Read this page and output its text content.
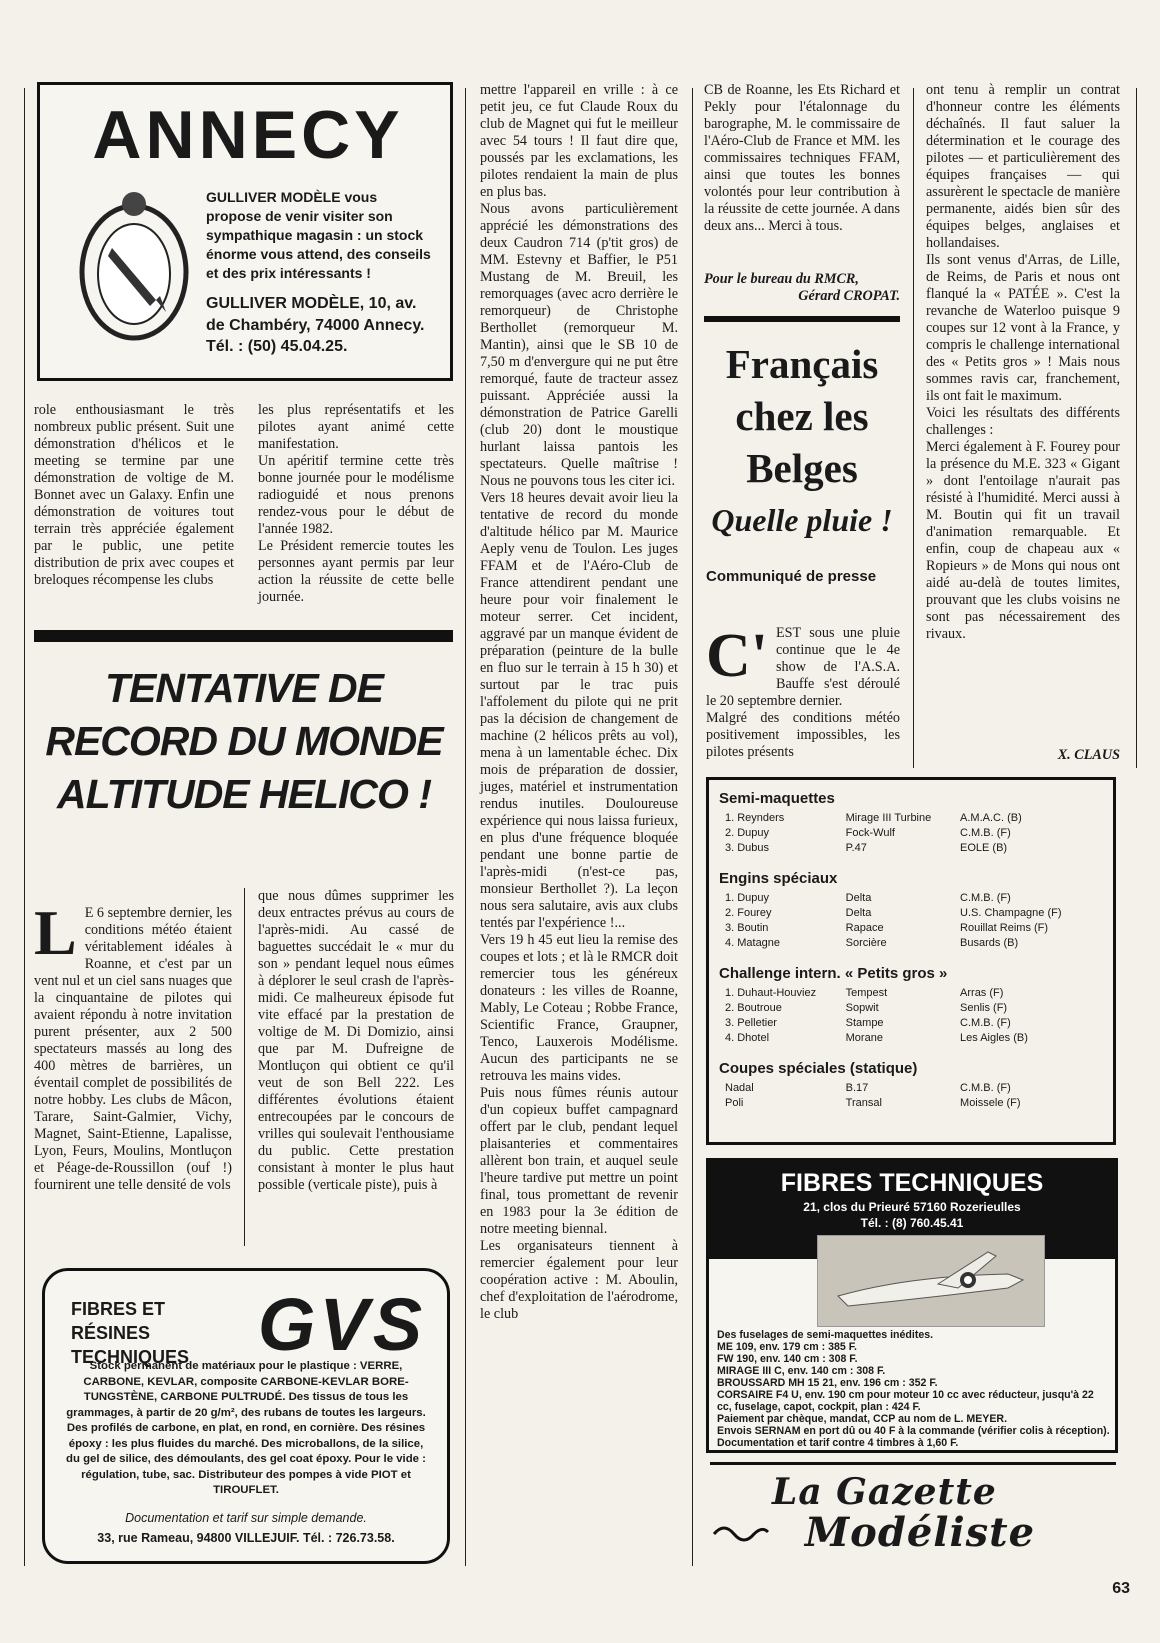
ANNECY
GULLIVER MODÈLE vous propose de venir visiter son sympathique magasin : un stock énorme vous attend, des conseils et des prix intéressants !
GULLIVER MODÈLE, 10, av. de Chambéry, 74000 Annecy.
Tél. : (50) 45.04.25.
role enthousiasmant le très nombreux public présent. Suit une démonstration d'hélicos et le meeting se termine par une démonstration de voltige de M. Bonnet avec un Galaxy. Enfin une démonstration de voitures tout terrain très appréciée également par le public, une petite distribution de prix avec coupes et breloques récompense les clubs
les plus représentatifs et les pilotes ayant animé cette manifestation.
Un apéritif termine cette très bonne journée pour le modélisme radioguidé et nous prenons rendez-vous pour le début de l'année 1982.
Le Président remercie toutes les personnes ayant permis par leur action la réussite de cette belle journée.
TENTATIVE DE RECORD DU MONDE ALTITUDE HELICO !

L E 6 septembre dernier, les conditions météo étaient véritablement idéales à Roanne, et c'est par un vent nul et un ciel sans nuages que la cinquantaine de pilotes qui avaient répondu à notre invitation purent présenter, aux 2 500 spectateurs massés au long des 400 mètres de barrières, un éventail complet de possibilités de notre hobby. Les clubs de Mâcon, Tarare, Saint-Galmier, Vichy, Magnet, Saint-Etienne, Lapalisse, Lyon, Feurs, Moulins, Montluçon et Péage-de-Roussillon (ouf !) fournirent une telle densité de vols

que nous dûmes supprimer les deux entractes prévus au cours de l'après-midi. Au cassé de baguettes succédait le « mur du son » pendant lequel nous eûmes à déplorer le seul crash de l'après-midi. Ce malheureux épisode fut vite effacé par la prestation de voltige de M. Di Domizio, ainsi que par M. Dufreigne de Montluçon qui obtient ce qu'il veut de son Bell 222. Les différentes évolutions étaient entrecoupées par le concours de vrilles qui soulevait l'enthousiame du public. Cette prestation consistant à monter le plus haut possible (verticale piste), puis à
FIBRES ET RÉSINES TECHNIQUES GVS
Stock permanent de matériaux pour le plastique : VERRE, CARBONE, KEVLAR, composite CARBONE-KEVLAR BORE-TUNGSTÈNE, CARBONE PULTRUDÉ. Des tissus de tous les grammages, à partir de 20 g/m², des rubans de toutes les largeurs. Des profilés de carbone, en plat, en rond, en cornière. Des résines époxy : les plus fluides du marché. Des microballons, de la silice, du gel de silice, des démoulants, des gel coat époxy. Pour le vide : régulation, tube, sac. Distributeur des pompes à vide PIOT et TIROUFLET.
Documentation et tarif sur simple demande.
33, rue Rameau, 94800 VILLEJUIF. Tél. : 726.73.58.
mettre l'appareil en vrille : à ce petit jeu, ce fut Claude Roux du club de Magnet qui fut le meilleur avec 54 tours ! Il faut dire que, poussés par les exclamations, les pilotes rendaient la main de plus en plus bas.
Nous avons particulièrement apprécié les démonstrations des deux Caudron 714 (p'tit gros) de MM. Estevny et Baffier, le P51 Mustang de M. Breuil, les remorquages (avec acro derrière le remorqueur) de Christophe Berthollet (remorqueur M. Mantin), ainsi que le SB 10 de 7,50 m d'envergure qui ne put être remorqué, faute de tracteur assez puissant. Appréciée aussi la démonstration de Patrice Garelli (club 20) dont le moustique hurlant laissa pantois les spectateurs. Quelle maîtrise ! Nous ne pouvons tous les citer ici.
Vers 18 heures devait avoir lieu la tentative de record du monde d'altitude hélico par M. Maurice Aeply venu de Toulon. Les juges FFAM et de l'Aéro-Club de France attendirent pendant une heure pour voir finalement le moteur serrer. Cet incident, aggravé par un manque évident de préparation (peinture de la bulle en fluo sur le terrain à 15 h 30) et surtout par le trac puis l'affolement du pilote qui ne prit pas la décision de changement de machine (2 hélicos prêts au vol), mena à un lamentable échec. Dix mois de préparation de dossier, juges, matériel et instrumentation rendus inutiles. Douloureuse expérience qui nous laissa furieux, en plus d'une fréquence bloquée pendant une bonne partie de l'après-midi (n'est-ce pas, monsieur Berthollet ?). La leçon nous sera salutaire, avis aux clubs tentés par l'expérience !...
Vers 19 h 45 eut lieu la remise des coupes et lots ; et là le RMCR doit remercier tous les généreux donateurs : les villes de Roanne, Mably, Le Coteau ; Robbe France, Scientific France, Graupner, Tenco, Lauxerois Modélisme. Aucun des participants ne se retrouva les mains vides.
Puis nous fûmes réunis autour d'un copieux buffet campagnard offert par le club, pendant lequel plaisanteries et commentaires allèrent bon train, et auquel seule l'heure tardive put mettre un point final, tous promettant de revenir en 1983 pour la 3e édition de notre meeting biennal.
Les organisateurs tiennent à remercier également pour leur coopération active : M. Aboulin, chef d'exploitation de l'aérodrome, le club
CB de Roanne, les Ets Richard et Pekly pour l'étalonnage du barographe, M. le commissaire de l'Aéro-Club de France et MM. les commissaires techniques FFAM, ainsi que toutes les bonnes volontés pour leur contribution à la réussite de cette journée. A dans deux ans... Merci à tous.
Pour le bureau du RMCR,
Gérard CROPAT.
Français chez les Belges
Quelle pluie !
Communiqué de presse

C' EST sous une pluie continue que le 4e show de l'A.S.A. Bauffe s'est déroulé le 20 septembre dernier.
Malgré des conditions météo positivement impossibles, les pilotes présents

ont tenu à remplir un contrat d'honneur contre les éléments déchaînés. Il faut saluer la détermination et le courage des pilotes — et particulièrement des équipes françaises — qui assurèrent le spectacle de manière permanente, aidés bien sûr des équipes belges, anglaises et hollandaises.
Ils sont venus d'Arras, de Lille, de Reims, de Paris et nous ont flanqué la « PATÉE ». C'est la revanche de Waterloo puisque 9 coupes sur 12 vont à la France, y compris le challenge international des « Petits gros » ! Mais nous sommes ravis car, franchement, ils ont fait le maximum.
Voici les résultats des différents challenges :
Merci également à F. Fourey pour la présence du M.E. 323 « Gigant » dont l'entoilage n'aurait pas résisté à l'humidité. Merci aussi à M. Boutin qui fit un travail d'animation remarquable. Et enfin, coup de chapeau aux « Ropieurs » de Mons qui nous ont aidé au-delà de toutes limites, prouvant que les clubs voisins ne sont pas nécessairement des rivaux.
X. CLAUS
Semi-maquettes
1. Reynders	Mirage III Turbine	A.M.A.C. (B)
2. Dupuy	Fock-Wulf	C.M.B. (F)
3. Dubus	P.47	EOLE (B)
Engins spéciaux
1. Dupuy	Delta	C.M.B. (F)
2. Fourey	Delta	U.S. Champagne (F)
3. Boutin	Rapace	Rouillat Reims (F)
4. Matagne	Sorcière	Busards (B)
Challenge intern. « Petits gros »
1. Duhaut-Houviez	Tempest	Arras (F)
2. Boutroue	Sopwit	Senlis (F)
3. Pelletier	Stampe	C.M.B. (F)
4. Dhotel	Morane	Les Aigles (B)
Coupes spéciales (statique)
Nadal	B.17	C.M.B. (F)
Poli	Transal	Moissele (F)
FIBRES TECHNIQUES
21, clos du Prieuré 57160 Rozerieulles
Tél. : (8) 760.45.41
Des fuselages de semi-maquettes inédites.
ME 109, env. 179 cm : 385 F.
FW 190, env. 140 cm : 308 F.
MIRAGE III C, env. 140 cm : 308 F.
BROUSSARD MH 15 21, env. 196 cm : 352 F.
CORSAIRE F4 U, env. 190 cm pour moteur 10 cc avec réducteur, jusqu'à 22 cc, fuselage, capot, cockpit, plan : 424 F.
Paiement par chèque, mandat, CCP au nom de L. MEYER.
Envois SERNAM en port dû ou 40 F à la commande (vérifier colis à réception).
Documentation et tarif contre 4 timbres à 1,60 F.
La Gazette
Modéliste
63
